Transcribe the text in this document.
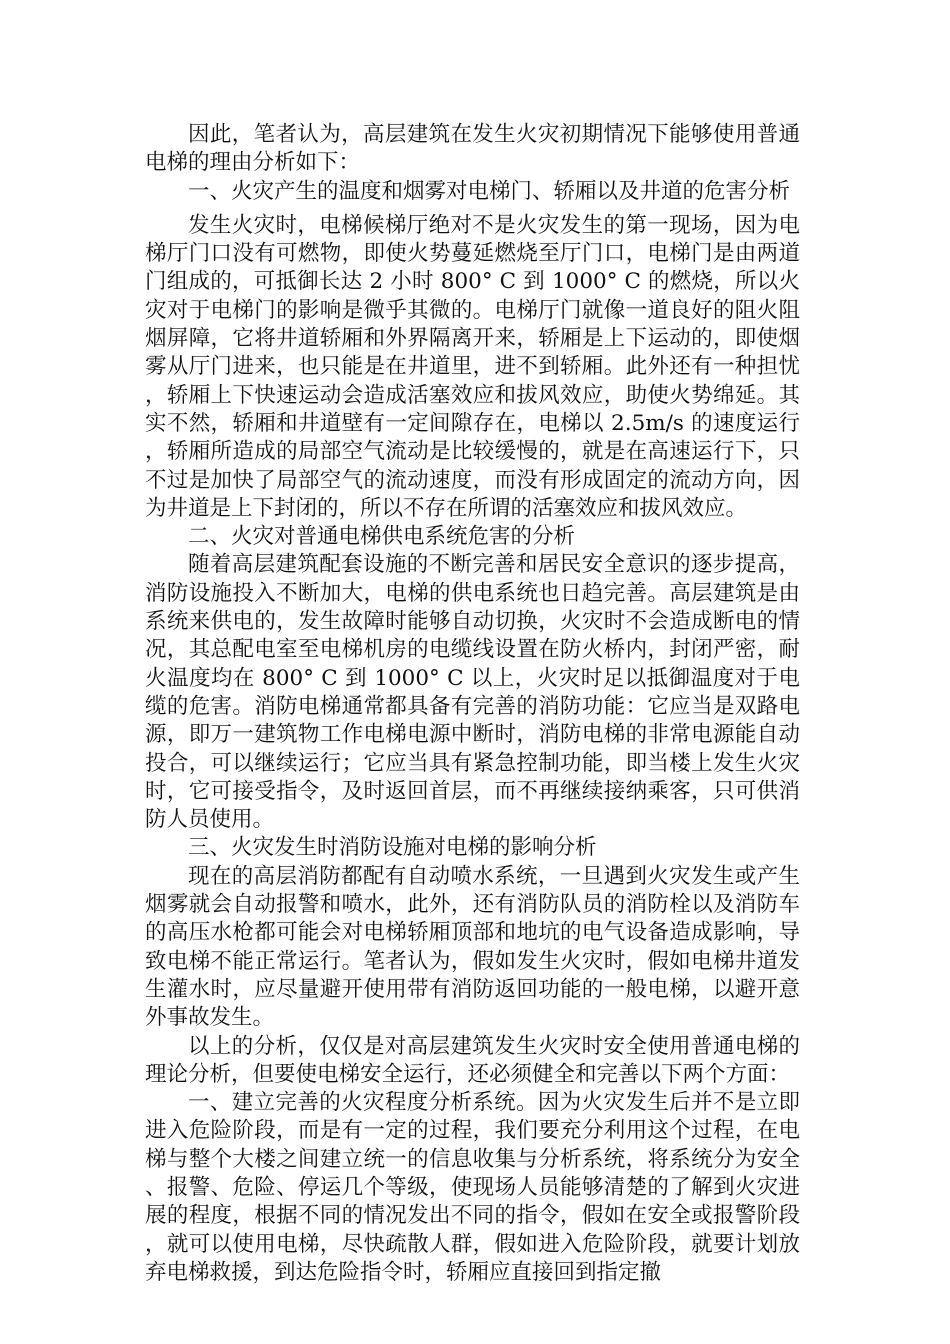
因此，笔者认为，高层建筑在发生火灾初期情况下能够使用普通电梯的理由分析如下：

一、火灾产生的温度和烟雾对电梯门、轿厢以及井道的危害分析

发生火灾时，电梯候梯厅绝对不是火灾发生的第一现场，因为电梯厅门口没有可燃物，即使火势蔓延燃烧至厅门口，电梯门是由两道门组成的，可抵御长达 2 小时 800° C 到 1000° C 的燃烧，所以火灾对于电梯门的影响是微乎其微的。电梯厅门就像一道良好的阻火阻烟屏障，它将井道轿厢和外界隔离开来，轿厢是上下运动的，即使烟雾从厅门进来，也只能是在井道里，进不到轿厢。此外还有一种担忧，轿厢上下快速运动会造成活塞效应和拔风效应，助使火势绵延。其实不然，轿厢和井道壁有一定间隙存在，电梯以 2.5m/s 的速度运行，轿厢所造成的局部空气流动是比较缓慢的，就是在高速运行下，只不过是加快了局部空气的流动速度，而没有形成固定的流动方向，因为井道是上下封闭的，所以不存在所谓的活塞效应和拔风效应。

二、火灾对普通电梯供电系统危害的分析

随着高层建筑配套设施的不断完善和居民安全意识的逐步提高，消防设施投入不断加大，电梯的供电系统也日趋完善。高层建筑是由系统来供电的，发生故障时能够自动切换，火灾时不会造成断电的情况，其总配电室至电梯机房的电缆线设置在防火桥内，封闭严密，耐火温度均在 800° C 到 1000° C 以上，火灾时足以抵御温度对于电缆的危害。消防电梯通常都具备有完善的消防功能：它应当是双路电源，即万一建筑物工作电梯电源中断时，消防电梯的非常电源能自动投合，可以继续运行；它应当具有紧急控制功能，即当楼上发生火灾时，它可接受指令，及时返回首层，而不再继续接纳乘客，只可供消防人员使用。

三、火灾发生时消防设施对电梯的影响分析

现在的高层消防都配有自动喷水系统，一旦遇到火灾发生或产生烟雾就会自动报警和喷水，此外，还有消防队员的消防栓以及消防车的高压水枪都可能会对电梯轿厢顶部和地坑的电气设备造成影响，导致电梯不能正常运行。笔者认为，假如发生火灾时，假如电梯井道发生灌水时，应尽量避开使用带有消防返回功能的一般电梯，以避开意外事故发生。

以上的分析，仅仅是对高层建筑发生火灾时安全使用普通电梯的理论分析，但要使电梯安全运行，还必须健全和完善以下两个方面：

一、建立完善的火灾程度分析系统。因为火灾发生后并不是立即进入危险阶段，而是有一定的过程，我们要充分利用这个过程，在电梯与整个大楼之间建立统一的信息收集与分析系统，将系统分为安全、报警、危险、停运几个等级，使现场人员能够清楚的了解到火灾进展的程度，根据不同的情况发出不同的指令，假如在安全或报警阶段，就可以使用电梯，尽快疏散人群，假如进入危险阶段，就要计划放弃电梯救援，到达危险指令时，轿厢应直接回到指定撤
